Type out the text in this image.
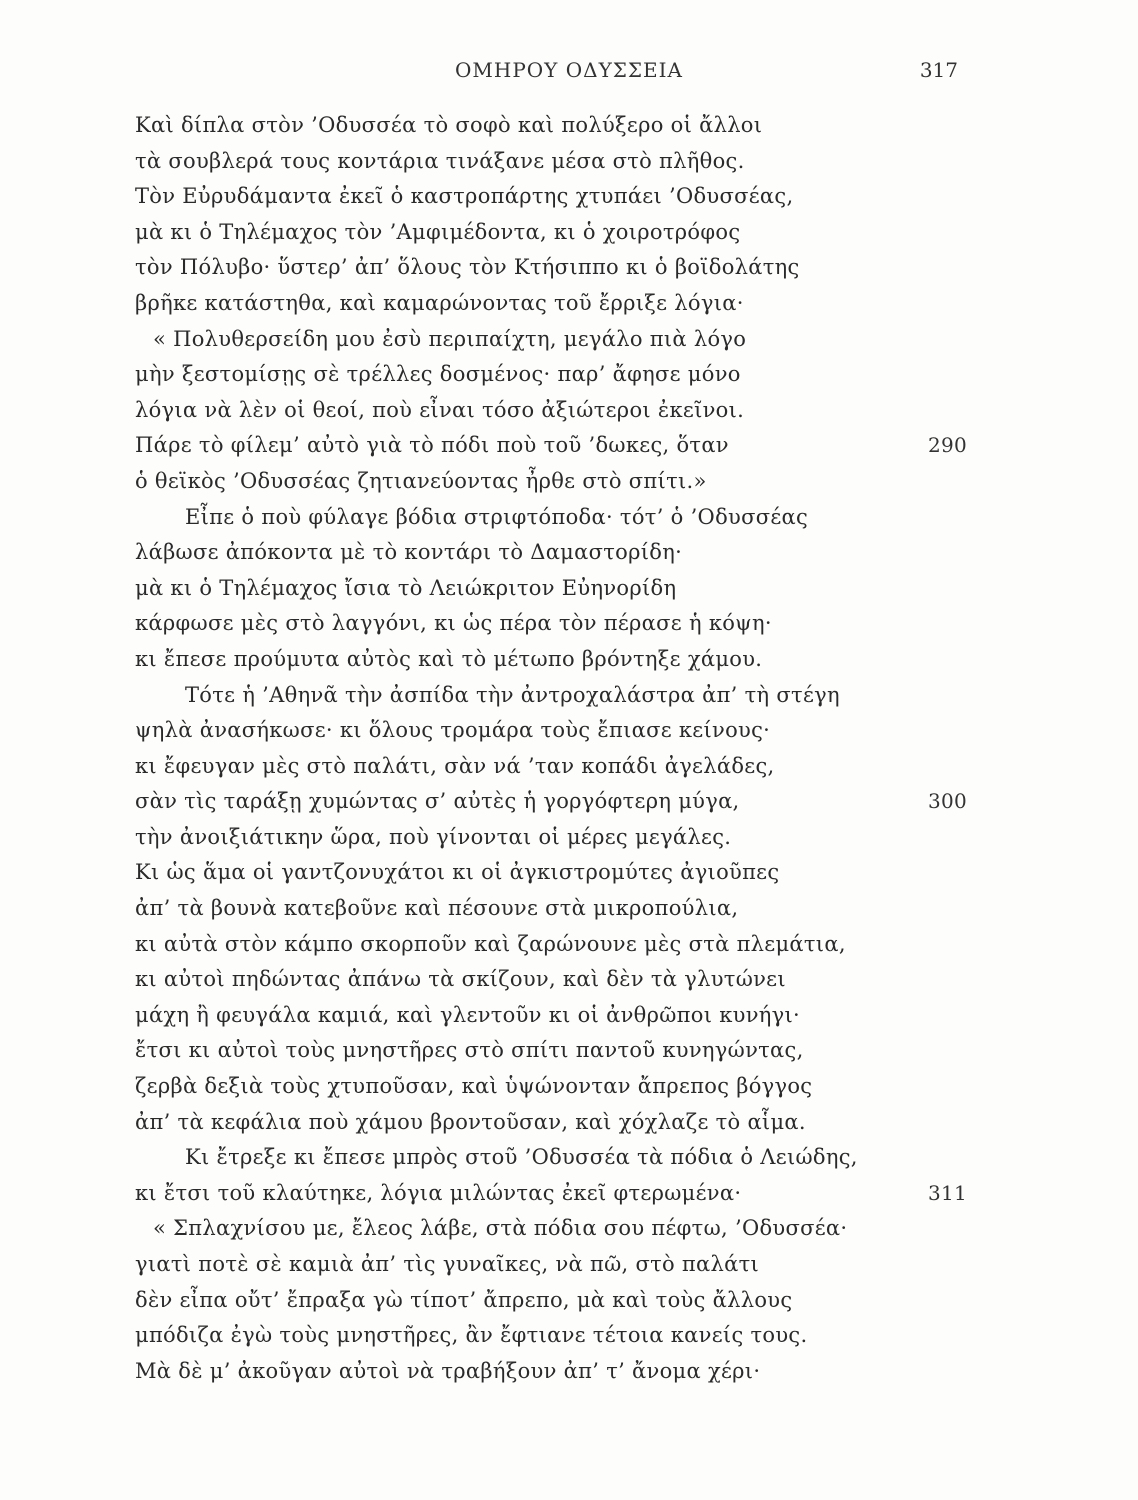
ΟΜΗΡΟΥ ΟΔΥΣΣΕΙΑ	317
Καὶ δίπλα στὸν ’Οδυσσέα τὸ σοφὸ καὶ πολύξερο οἱ ἄλλοι
τὰ σουβλερά τους κοντάρια τινάξανε μέσα στὸ πλῆθος.
Τὸν Εὐρυδάμαντα ἐκεῖ ὁ καστροπάρτης χτυπάει ’Οδυσσέας,
μὰ κι ὁ Τηλέμαχος τὸν ’Αμφιμέδοντα, κι ὁ χοιροτρόφος
τὸν Πόλυβο· ὕστερ’ ἀπ’ ὅλους τὸν Κτήσιππο κι ὁ βοϊδολάτης
βρῆκε κατάστηθα, καὶ καμαρώνοντας τοῦ ἔρριξε λόγια·
« Πολυθερσείδη μου ἐσὺ περιπαίχτη, μεγάλο πιὰ λόγο
μὴν ξεστομίσῃς σὲ τρέλλες δοσμένος· παρ’ ἄφησε μόνο
λόγια νὰ λὲν οἱ θεοί, ποὺ εἶναι τόσο ἀξιώτεροι ἐκεῖνοι.
Πάρε τὸ φίλεμ’ αὐτὸ γιὰ τὸ πόδι ποὺ τοῦ ’δωκες, ὅταν	290
ὁ θεϊκὸς ’Οδυσσέας ζητιανεύοντας ἦρθε στὸ σπίτι.»
Εἶπε ὁ ποὺ φύλαγε βόδια στριφτόποδα· τότ’ ὁ ’Οδυσσέας
λάβωσε ἀπόκοντα μὲ τὸ κοντάρι τὸ Δαμαστορίδη·
μὰ κι ὁ Τηλέμαχος ἴσια τὸ Λειώκριτον Εὐηνορίδη
κάρφωσε μὲς στὸ λαγγόνι, κι ὡς πέρα τὸν πέρασε ἡ κόψη·
κι ἔπεσε προύμυτα αὐτὸς καὶ τὸ μέτωπο βρόντηξε χάμου.
Τότε ἡ ’Αθηνᾶ τὴν ἀσπίδα τὴν ἀντροχαλάστρα ἀπ’ τὴ στέγη
ψηλὰ ἀνασήκωσε· κι ὅλους τρομάρα τοὺς ἔπιασε κείνους·
κι ἔφευγαν μὲς στὸ παλάτι, σὰν νά ’ταν κοπάδι ἀγελάδες,
σὰν τὶς ταράξῃ χυμώντας σ’ αὐτὲς ἡ γοργόφτερη μύγα,	300
τὴν ἀνοιξιάτικην ὥρα, ποὺ γίνονται οἱ μέρες μεγάλες.
Κι ὡς ἅμα οἱ γαντζονυχάτοι κι οἱ ἀγκιστρομύτες ἀγιοῦπες
ἀπ’ τὰ βουνὰ κατεβοῦνε καὶ πέσουνε στὰ μικροπούλια,
κι αὐτὰ στὸν κάμπο σκορποῦν καὶ ζαρώνουνε μὲς στὰ πλεμάτια,
κι αὐτοὶ πηδώντας ἀπάνω τὰ σκίζουν, καὶ δὲν τὰ γλυτώνει
μάχη ἢ φευγάλα καμιά, καὶ γλεντοῦν κι οἱ ἀνθρῶποι κυνήγι·
ἔτσι κι αὐτοὶ τοὺς μνηστῆρες στὸ σπίτι παντοῦ κυνηγώντας,
ζερβὰ δεξιὰ τοὺς χτυποῦσαν, καὶ ὑψώνονταν ἄπρεπος βόγγος
ἀπ’ τὰ κεφάλια ποὺ χάμου βροντοῦσαν, καὶ χόχλαζε τὸ αἷμα.
Κι ἔτρεξε κι ἔπεσε μπρὸς στοῦ ’Οδυσσέα τὰ πόδια ὁ Λειώδης,
κι ἔτσι τοῦ κλαύτηκε, λόγια μιλώντας ἐκεῖ φτερωμένα·	311
« Σπλαχνίσου με, ἔλεος λάβε, στὰ πόδια σου πέφτω, ’Οδυσσέα·
γιατὶ ποτὲ σὲ καμιὰ ἀπ’ τὶς γυναῖκες, νὰ πῶ, στὸ παλάτι
δὲν εἶπα οὔτ’ ἔπραξα γὼ τίποτ’ ἄπρεπο, μὰ καὶ τοὺς ἄλλους
μπόδιζα ἐγὼ τοὺς μνηστῆρες, ἂν ἔφτιανε τέτοια κανείς τους.
Μὰ δὲ μ’ ἀκοῦγαν αὐτοὶ νὰ τραβήξουν ἀπ’ τ’ ἄνομα χέρι·
